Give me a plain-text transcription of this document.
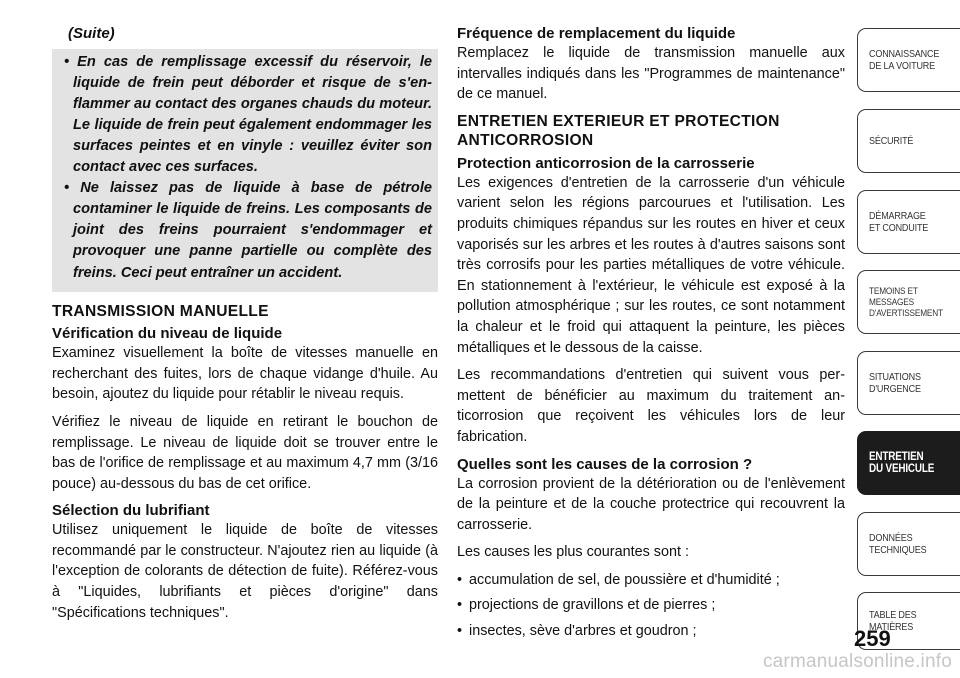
(Suite)

• En cas de remplissage excessif du réservoir, le liquide de frein peut déborder et risque de s'enflammer au contact des organes chauds du moteur. Le liquide de frein peut également endommager les surfaces peintes et en vinyle : veuillez éviter son contact avec ces surfaces.

• Ne laissez pas de liquide à base de pétrole contaminer le liquide de freins. Les composants de joint des freins pourraient s'endommager et provoquer une panne partielle ou complète des freins. Ceci peut entraîner un accident.

TRANSMISSION MANUELLE
Vérification du niveau de liquide

Examinez visuellement la boîte de vitesses manuelle en recherchant des fuites, lors de chaque vidange d'huile. Au besoin, ajoutez du liquide pour rétablir le niveau requis.

Vérifiez le niveau de liquide en retirant le bouchon de remplissage. Le niveau de liquide doit se trouver entre le bas de l'orifice de remplissage et au maximum 4,7 mm (3/16 pouce) au-dessous du bas de cet orifice.

Sélection du lubrifiant

Utilisez uniquement le liquide de boîte de vitesses recommandé par le constructeur. N'ajoutez rien au liquide (à l'exception de colorants de détection de fuite). Référez-vous à "Liquides, lubrifiants et pièces d'origine" dans "Spécifications techniques".

Fréquence de remplacement du liquide

Remplacez le liquide de transmission manuelle aux intervalles indiqués dans les "Programmes de maintenance" de ce manuel.

ENTRETIEN EXTERIEUR ET PROTECTION ANTICORROSION
Protection anticorrosion de la carrosserie

Les exigences d'entretien de la carrosserie d'un véhicule varient selon les régions parcourues et l'utilisation. Les produits chimiques répandus sur les routes en hiver et ceux vaporisés sur les arbres et les routes à d'autres saisons sont très corrosifs pour les parties métalliques de votre véhicule. En stationnement à l'extérieur, le véhicule est exposé à la pollution atmosphérique ; sur les routes, ce sont notamment la chaleur et le froid qui attaquent la peinture, les pièces métalliques et le dessous de la caisse.

Les recommandations d'entretien qui suivent vous permettent de bénéficier au maximum du traitement anticorrosion que reçoivent les véhicules lors de leur fabrication.

Quelles sont les causes de la corrosion ?

La corrosion provient de la détérioration ou de l'enlèvement de la peinture et de la couche protectrice qui recouvrent la carrosserie.

Les causes les plus courantes sont :

• accumulation de sel, de poussière et d'humidité ;
• projections de gravillons et de pierres ;
• insectes, sève d'arbres et goudron ;
CONNAISSANCE
DE LA VOITURE
SÉCURITÉ
DÉMARRAGE
ET CONDUITE
TEMOINS ET
MESSAGES
D'AVERTISSEMENT
SITUATIONS
D'URGENCE
ENTRETIEN
DU VEHICULE
DONNÉES
TECHNIQUES
TABLE DES
MATIÈRES
259
carmanualsonline.info
